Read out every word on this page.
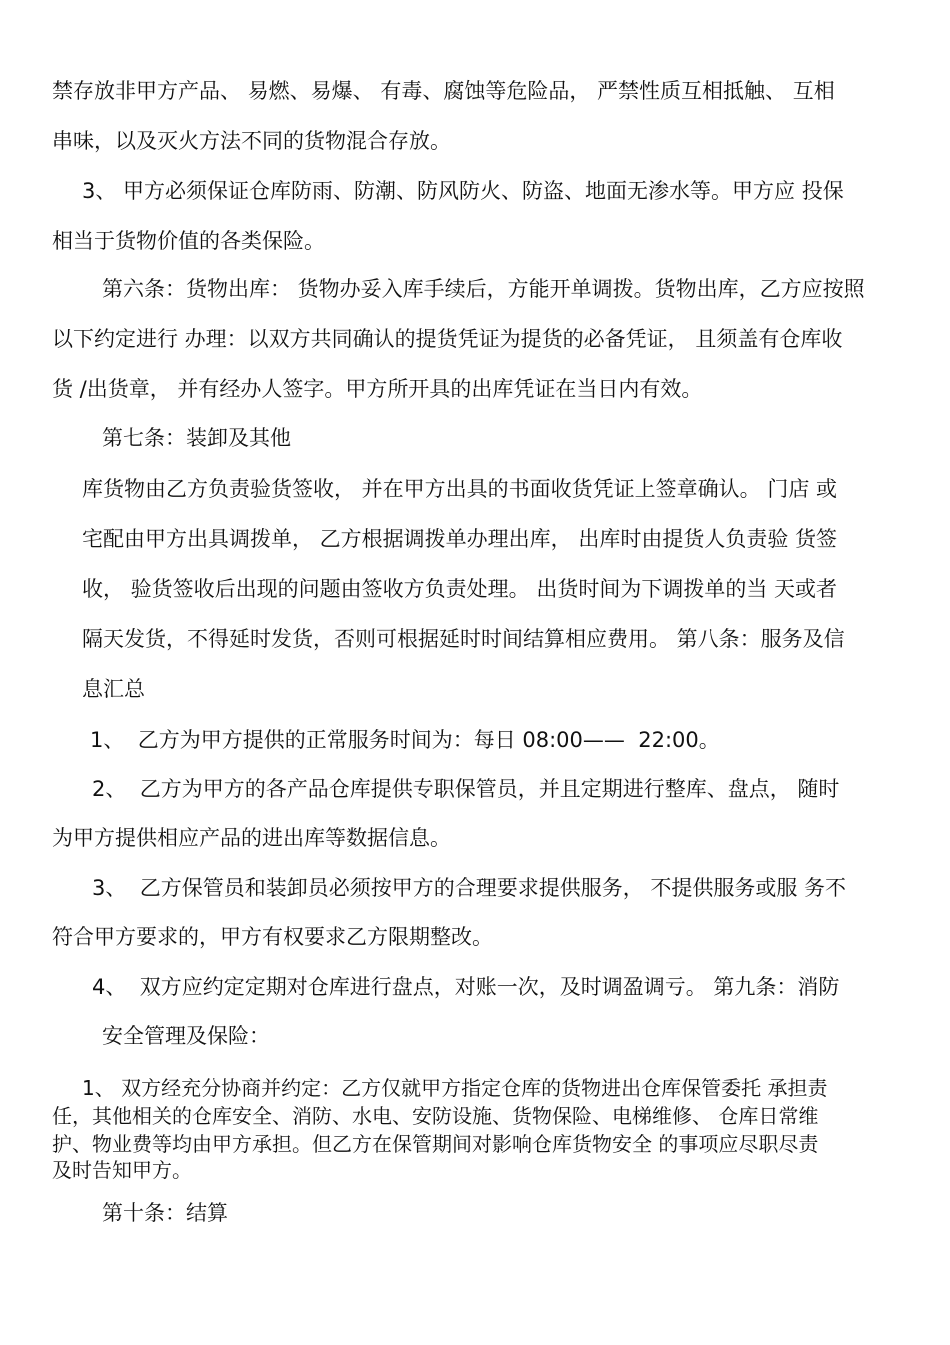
禁存放非甲方产品、 易燃、易爆、 有毒、腐蚀等危险品， 严禁性质互相抵触、 互相
串味，以及灭火方法不同的货物混合存放。
3、 甲方必须保证仓库防雨、防潮、防风防火、防盗、地面无渗水等。甲方应 投保
相当于货物价值的各类保险。
第六条：货物出库： 货物办妥入库手续后，方能开单调拨。货物出库，乙方应按照
以下约定进行 办理：以双方共同确认的提货凭证为提货的必备凭证， 且须盖有仓库收
货 /出货章， 并有经办人签字。甲方所开具的出库凭证在当日内有效。
第七条：装卸及其他
库货物由乙方负责验货签收， 并在甲方出具的书面收货凭证上签章确认。 门店 或
宅配由甲方出具调拨单， 乙方根据调拨单办理出库， 出库时由提货人负责验 货签
收， 验货签收后出现的问题由签收方负责处理。 出货时间为下调拨单的当 天或者
隔天发货，不得延时发货，否则可根据延时时间结算相应费用。 第八条：服务及信
息汇总
1、  乙方为甲方提供的正常服务时间为：每日 08:00——  22:00。
2、  乙方为甲方的各产品仓库提供专职保管员，并且定期进行整库、盘点， 随时
为甲方提供相应产品的进出库等数据信息。
3、  乙方保管员和装卸员必须按甲方的合理要求提供服务， 不提供服务或服 务不
符合甲方要求的，甲方有权要求乙方限期整改。
4、  双方应约定定期对仓库进行盘点，对账一次，及时调盈调亏。 第九条：消防
安全管理及保险：
1、 双方经充分协商并约定：乙方仅就甲方指定仓库的货物进出仓库保管委托 承担责
任，其他相关的仓库安全、消防、水电、安防设施、货物保险、电梯维修、 仓库日常维
护、物业费等均由甲方承担。但乙方在保管期间对影响仓库货物安全 的事项应尽职尽责
及时告知甲方。
第十条：结算
